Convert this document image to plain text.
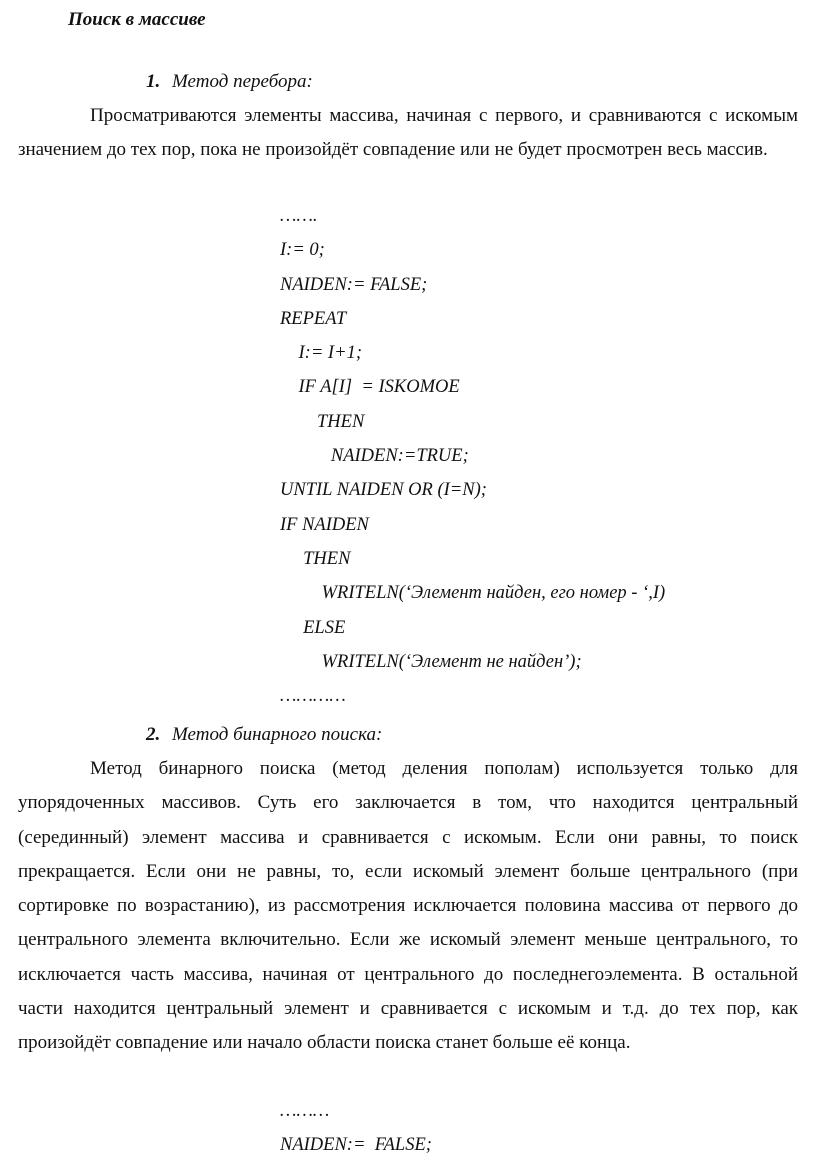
Поиск в массиве
1. Метод перебора:

Просматриваются элементы массива, начиная с первого, и сравниваются с искомым значением до тех пор, пока не произойдёт совпадение или не будет просмотрен весь массив.

…….
I:= 0;
NAIDEN:= FALSE;
REPEAT
I:= I+1;
IF A[I]  = ISKOMOE
THEN
NAIDEN:=TRUE;
UNTIL NAIDEN OR (I=N);
IF NAIDEN
THEN
WRITELN(‘Элемент найден, его номер - ‘,I)
ELSE
WRITELN(‘Элемент не найден’);
…………
2. Метод бинарного поиска:

Метод бинарного поиска (метод деления пополам) используется только для упорядоченных массивов. Суть его заключается в том, что находится центральный (серединный) элемент массива и сравнивается с искомым. Если они равны, то поиск прекращается. Если они не равны, то, если искомый элемент больше центрального (при сортировке по возрастанию), из рассмотрения исключается половина массива от первого до центрального элемента включительно. Если же искомый элемент меньше центрального, то исключается часть массива, начиная от центрального до последнегоэлемента. В остальной части находится центральный элемент и сравнивается с искомым и т.д. до тех пор, как произойдёт совпадение или начало области поиска станет больше её конца.

………
NAIDEN:=  FALSE;
